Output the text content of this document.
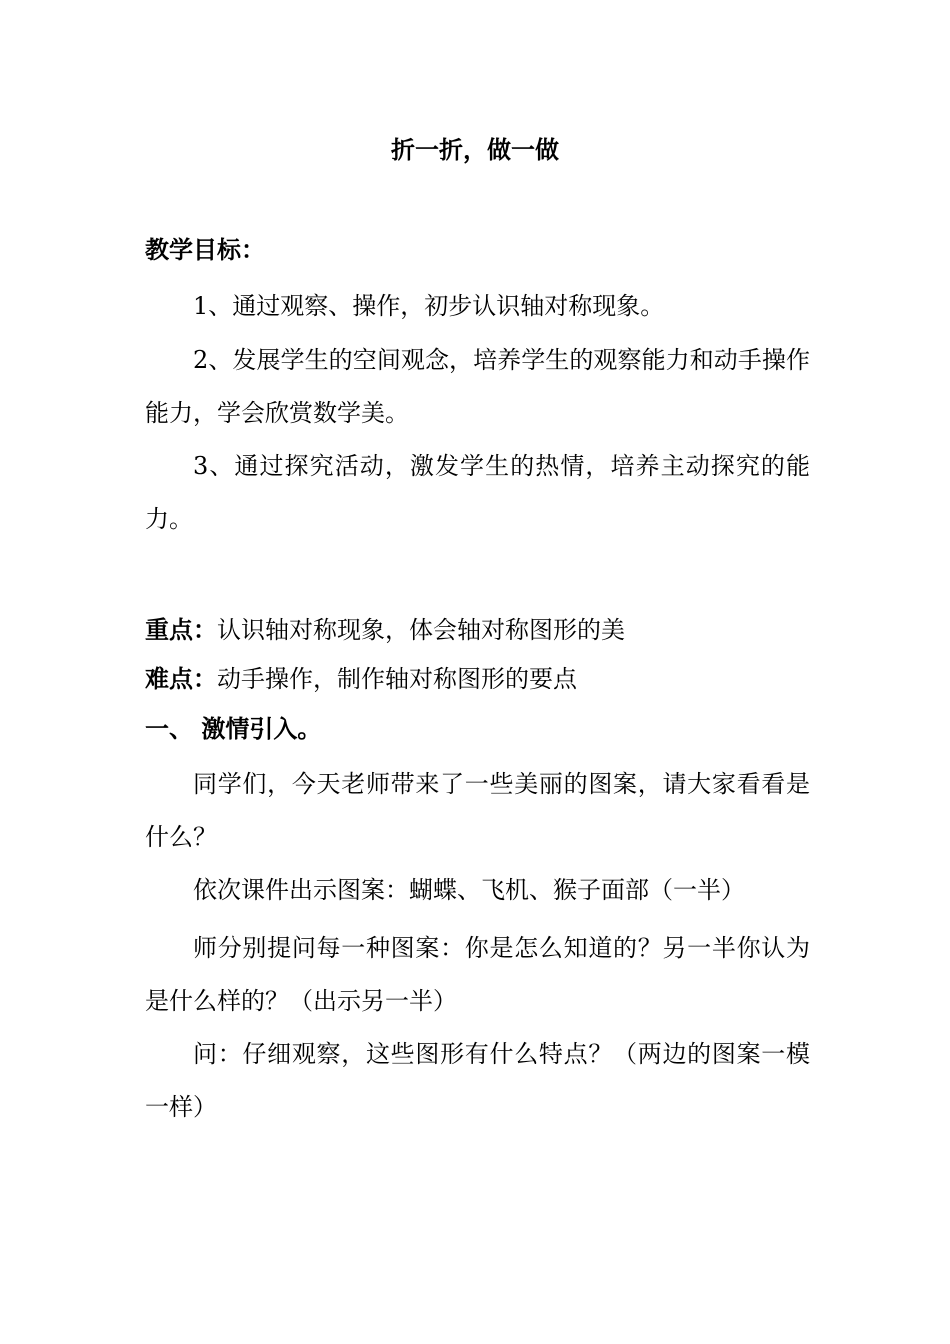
折一折，做一做
教学目标：
1、通过观察、操作，初步认识轴对称现象。
2、发展学生的空间观念，培养学生的观察能力和动手操作能力，学会欣赏数学美。
3、通过探究活动，激发学生的热情，培养主动探究的能力。
重点：认识轴对称现象，体会轴对称图形的美
难点：动手操作，制作轴对称图形的要点
一、 激情引入。
同学们，今天老师带来了一些美丽的图案，请大家看看是什么？
依次课件出示图案：蝴蝶、飞机、猴子面部（一半）
师分别提问每一种图案：你是怎么知道的？另一半你认为是什么样的？（出示另一半）
问：仔细观察，这些图形有什么特点？（两边的图案一模一样）
